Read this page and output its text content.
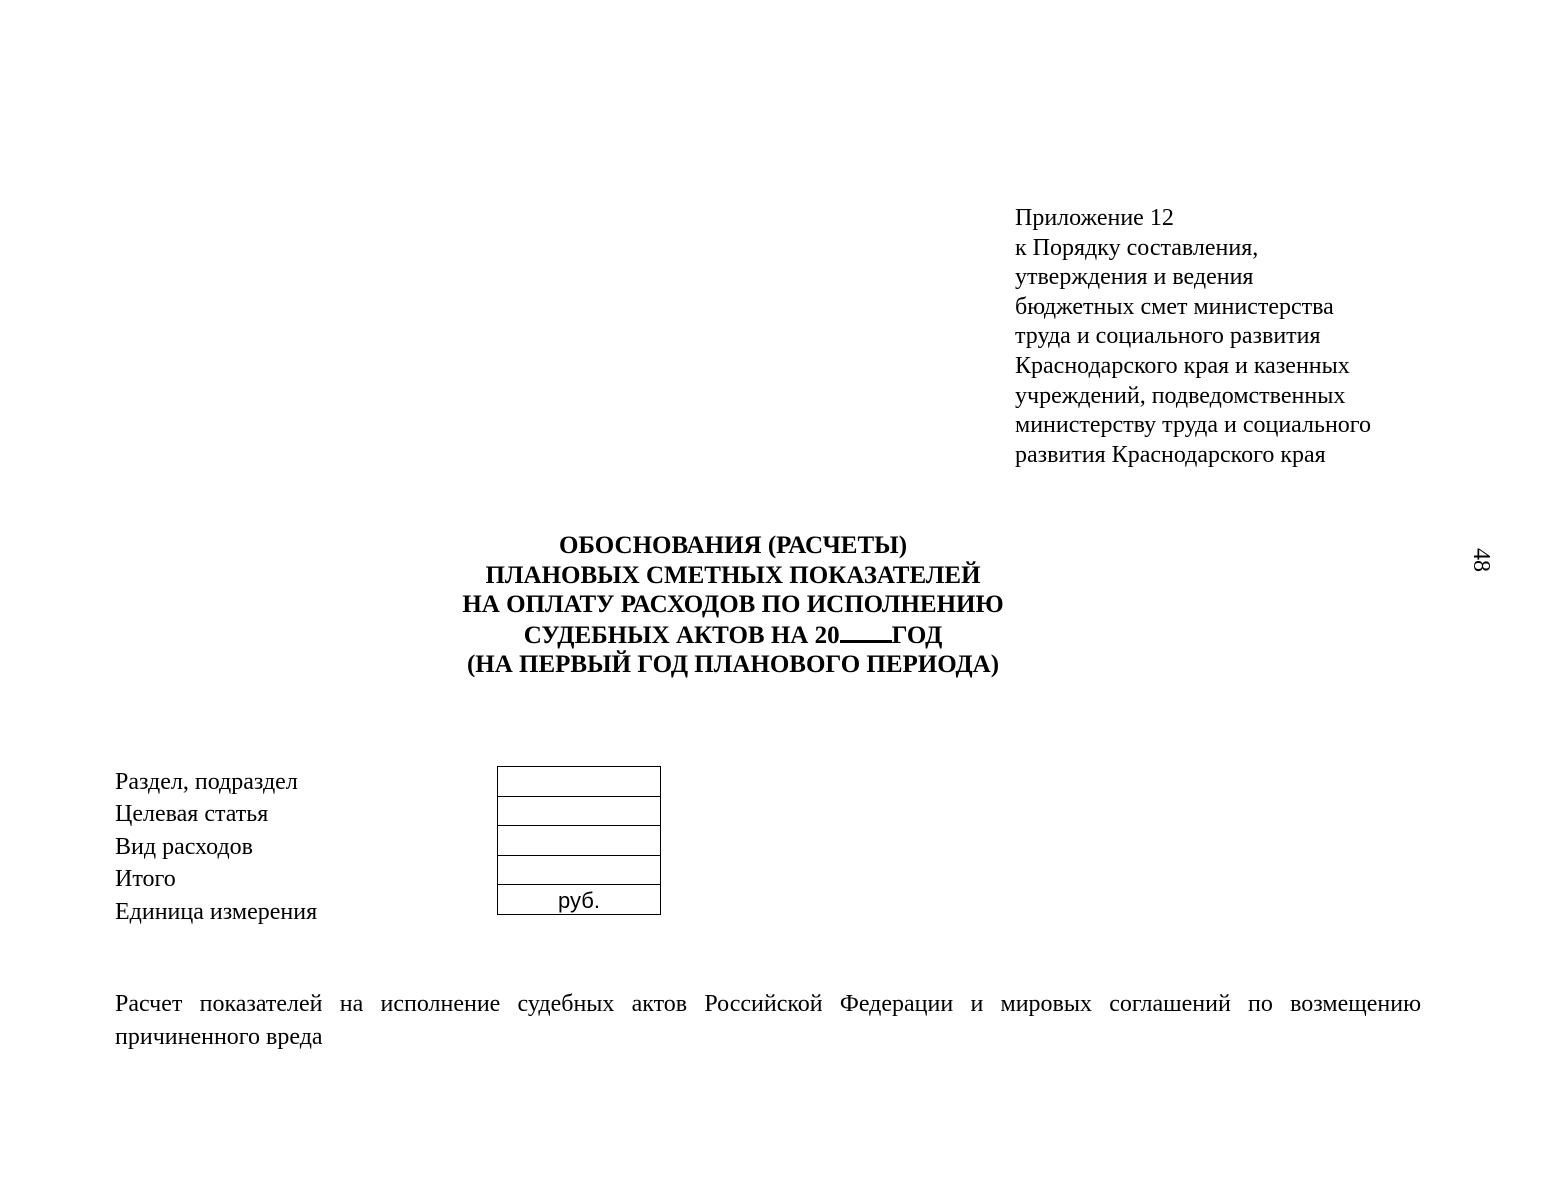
Приложение 12
к Порядку составления,
утверждения и ведения
бюджетных смет министерства
труда и социального развития
Краснодарского края и казенных
учреждений, подведомственных
министерству труда и социального
развития Краснодарского края
48
ОБОСНОВАНИЯ (РАСЧЕТЫ)
ПЛАНОВЫХ СМЕТНЫХ ПОКАЗАТЕЛЕЙ
НА ОПЛАТУ РАСХОДОВ ПО ИСПОЛНЕНИЮ
СУДЕБНЫХ АКТОВ НА 20 ГОД
(НА ПЕРВЫЙ ГОД ПЛАНОВОГО ПЕРИОДА)
Раздел, подраздел
Целевая статья
Вид расходов
Итого
Единица измерения	руб.
Расчет показателей на исполнение судебных актов Российской Федерации и мировых соглашений по возмещению причиненного вреда
